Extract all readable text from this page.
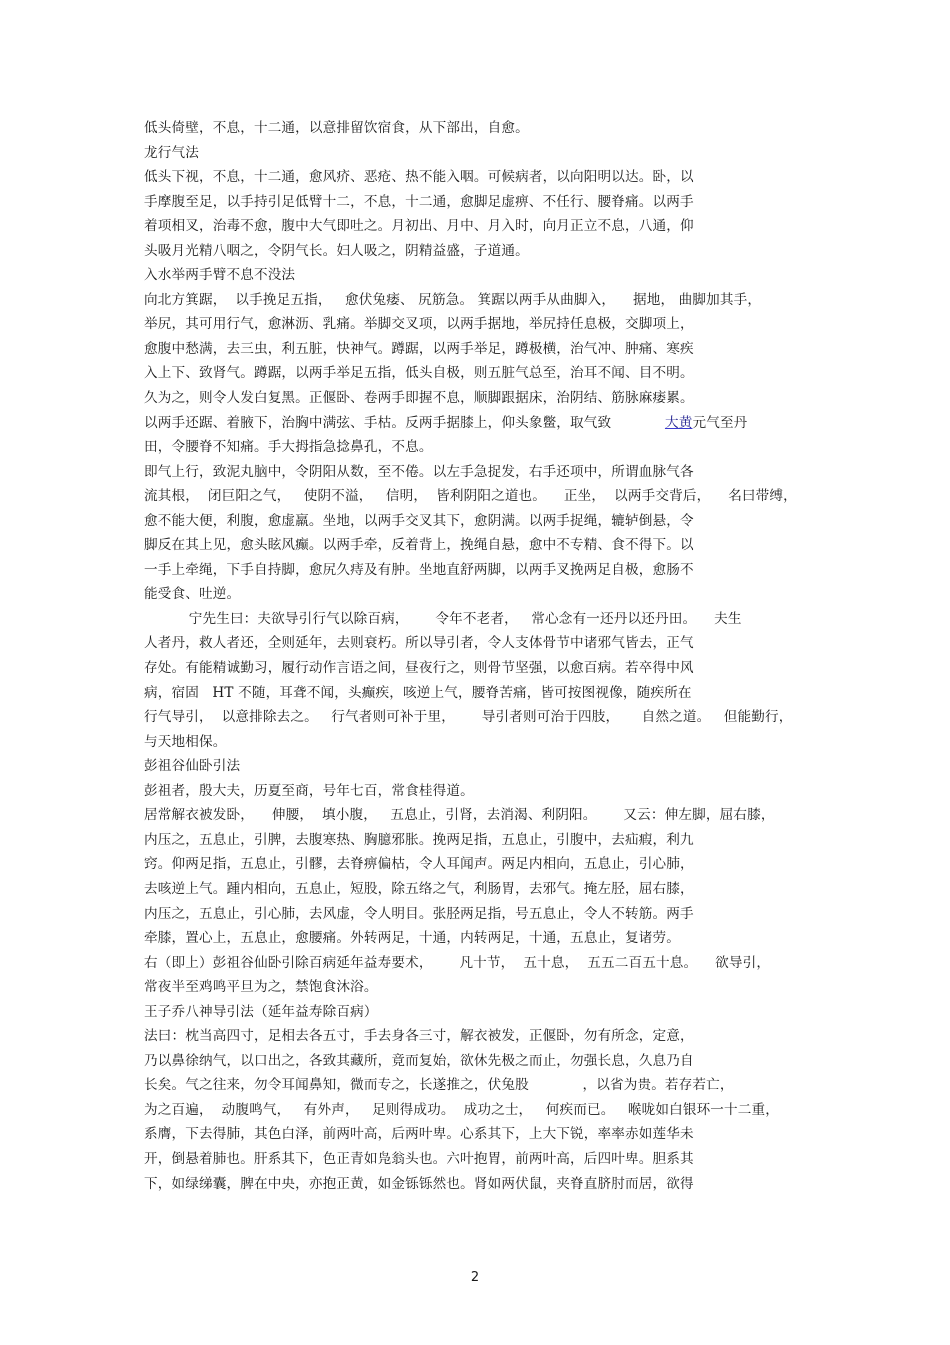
低头倚壁，不息，十二通，以意排留饮宿食，从下部出，自愈。
龙行气法
低头下视，不息，十二通，愈风疥、恶疮、热不能入咽。可候病者，以向阳明以达。卧，以
手摩腹至足，以手持引足低臂十二，不息，十二通，愈脚足虚痹、不任行、腰脊痛。以两手
着项相叉，治毒不愈，腹中大气即吐之。月初出、月中、月入时，向月正立不息，八通，仰
头吸月光精八咽之，令阴气长。妇人吸之，阴精益盛，子道通。
入水举两手臂不息不没法
向北方箕踞，  以手挽足五指，   愈伏兔痿、 尻筋急。 箕踞以两手从曲脚入，    据地， 曲脚加其手，
举尻，其可用行气，愈淋沥、乳痛。举脚交叉项，以两手据地，举尻持任息极，交脚项上，
愈腹中愁满，去三虫，利五脏，快神气。蹲踞，以两手举足，蹲极横，治气冲、肿痛、寒疾
入上下、致肾气。蹲踞，以两手举足五指，低头自极，则五脏气总至，治耳不闻、目不明。
久为之，则令人发白复黑。正偃卧、卷两手即握不息，顺脚跟据床，治阴结、筋脉麻痿累。
以两手还踞、着腋下，治胸中满弦、手枯。反两手据膝上，仰头象鳖，取气致	大黄元气至丹
田，令腰脊不知痛。手大拇指急捻鼻孔，不息。
即气上行，致泥丸脑中，令阴阳从数，至不倦。以左手急捉发，右手还项中，所谓血脉气各
流其根，  闭巨阳之气，   使阴不溢，   信明，  皆利阴阳之道也。    正坐，  以两手交背后，    名曰带缚，
愈不能大便，利腹，愈虚羸。坐地，以两手交叉其下，愈阴满。以两手捉绳，辘轳倒悬，令
脚反在其上见，愈头眩风癫。以两手牵，反着背上，挽绳自悬，愈中不专精、食不得下。以
一手上牵绳，下手自持脚，愈尻久痔及有肿。坐地直舒两脚，以两手叉挽两足自极，愈肠不
能受食、吐逆。
宁先生曰：夫欲导引行气以除百病，      令年不老者，   常心念有一还丹以还丹田。    夫生
人者丹，救人者还，全则延年，去则衰朽。所以导引者，令人支体骨节中诸邪气皆去，正气
存处。有能精诚勤习，履行动作言语之间，昼夜行之，则骨节坚强，以愈百病。若卒得中风
病，宿固   HT 不随，耳聋不闻，头癫疾，咳逆上气，腰脊苦痛，皆可按图视像，随疾所在
行气导引，  以意排除去之。   行气者则可补于里，      导引者则可治于四肢，     自然之道。   但能勤行，
与天地相保。
彭祖谷仙卧引法
彭祖者，殷大夫，历夏至商，号年七百，常食桂得道。
居常解衣被发卧，    伸腰，  填小腹，   五息止，引肾，去消渴、利阴阳。      又云：伸左脚，屈右膝，
内压之，五息止，引脾，去腹寒热、胸臆邪胀。挽两足指，五息止，引腹中，去疝瘕，利九
窍。仰两足指，五息止，引髎，去脊痹偏枯，令人耳闻声。两足内相向，五息止，引心肺，
去咳逆上气。踵内相向，五息止，短股，除五络之气，利肠胃，去邪气。掩左胫，屈右膝，
内压之，五息止，引心肺，去风虚，令人明目。张胫两足指，号五息止，令人不转筋。两手
牵膝，置心上，五息止，愈腰痛。外转两足，十通，内转两足，十通，五息止，复诸劳。
右（即上）彭祖谷仙卧引除百病延年益寿要术，      凡十节，  五十息，  五五二百五十息。    欲导引，
常夜半至鸡鸣平旦为之，禁饱食沐浴。
王子乔八神导引法（延年益寿除百病）
法曰：枕当高四寸，足相去各五寸，手去身各三寸，解衣被发，正偃卧，勿有所念，定意，
乃以鼻徐纳气，以口出之，各致其藏所，竟而复始，欲休先极之而止，勿强长息，久息乃自
长矣。气之往来，勿令耳闻鼻知，微而专之，长遂推之，伏兔股            ，以省为贵。若存若亡，
为之百遍，  动腹鸣气，   有外声，   足则得成功。  成功之士，   何疾而已。   喉咙如白银环一十二重，
系膺，下去得肺，其色白泽，前两叶高，后两叶卑。心系其下，上大下锐，率率赤如莲华未
开，倒悬着肺也。肝系其下，色正青如凫翁头也。六叶抱胃，前两叶高，后四叶卑。胆系其
下，如绿绨囊，脾在中央，亦抱正黄，如金铄铄然也。肾如两伏鼠，夹脊直脐肘而居，欲得
2
